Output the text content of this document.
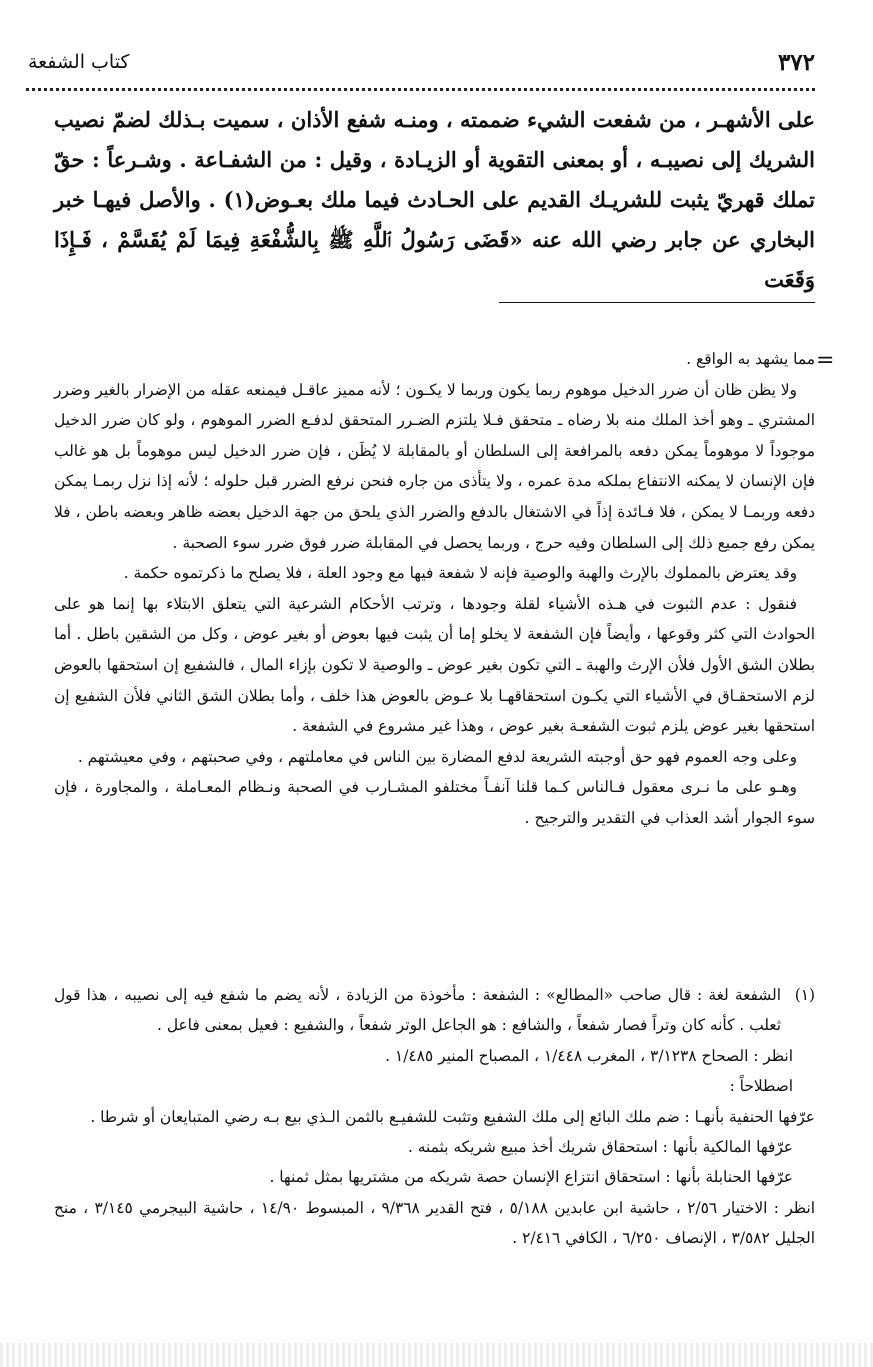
كتاب الشفعة	٣٧٢

على الأشهـر ، من شفعت الشيء ضممته ، ومنـه شفع الأذان ، سميت بـذلك لضمّ نصيب الشريك إلى نصيبـه ، أو بمعنى التقوية أو الزيـادة ، وقيل : من الشفـاعة . وشـرعاً : حقّ تملك قهريّ يثبت للشريـك القديم على الحـادث فيما ملك بعـوض(١) . والأصل فيهـا خبر البخاري عن جابر رضي الله عنه «قَضَى رَسُولُ ٱللَّهِ ﷺ بِالشُّفْعَةِ فِيمَا لَمْ يُقَسَّمْ ، فَـإِذَا وَقَعَت

=

مما يشهد به الواقع .

ولا يظن ظان أن ضرر الدخيل موهوم ربما يكون وربما لا يكـون ؛ لأنه مميز عاقـل فيمنعه عقله من الإضرار بالغير وضرر المشتري ـ وهو أخذ الملك منه بلا رضاه ـ متحقق فـلا يلتزم الضـرر المتحقق لدفـع الضرر الموهوم ، ولو كان ضرر الدخيل موجوداً لا موهوماً يمكن دفعه بالمرافعة إلى السلطان أو بالمقابلة لا يُظَن ، فإن ضرر الدخيل ليس موهوماً بل هو غالب فإن الإنسان لا يمكنه الانتفاع بملكه مدة عمره ، ولا يتأذى من جاره فنحن نرفع الضرر قبل حلوله ؛ لأنه إذا نزل ربمـا يمكن دفعه وربمـا لا يمكن ، فلا فـائدة إذاً في الاشتغال بالدفع والضرر الذي يلحق من جهة الدخيل بعضه ظاهر وبعضه باطن ، فلا يمكن رفع جميع ذلك إلى السلطان وفيه حرج ، وربما يحصل في المقابلة ضرر فوق ضرر سوء الصحبة .

وقد يعترض بالمملوك بالإرث والهبة والوصية فإنه لا شفعة فيها مع وجود العلة ، فلا يصلح ما ذكرتموه حكمة .

فنقول : عدم الثبوت في هـذه الأشياء لقلة وجودها ، وترتب الأحكام الشرعية التي يتعلق الابتلاء بها إنما هو على الحوادث التي كثر وقوعها ، وأيضاً فإن الشفعة لا يخلو إما أن يثبت فيها بعوض أو بغير عوض ، وكل من الشقين باطل . أما بطلان الشق الأول فلأن الإرث والهبة ـ التي تكون بغير عوض ـ والوصية لا تكون بإزاء المال ، فالشفيع إن استحقها بالعوض لزم الاستحقـاق في الأشياء التي يكـون استحقاقهـا بلا عـوض بالعوض هذا خلف ، وأما بطلان الشق الثاني فلأن الشفيع إن استحقها بغير عوض يلزم ثبوت الشفعـة بغير عوض ، وهذا غير مشروع في الشفعة .

وعلى وجه العموم فهو حق أوجبته الشريعة لدفع المضارة بين الناس في معاملتهم ، وفي صحبتهم ، وفي معيشتهم .

وهـو على ما نـرى معقول فـالناس كـما قلنا آنفـاً مختلفو المشـارب في الصحبة ونـظام المعـاملة ، والمجاورة ، فإن سوء الجوار أشد العذاب في التقدير والترجيح .

(١)

الشفعة لغة : قال صاحب «المطالع» : الشفعة : مأخوذة من الزيادة ، لأنه يضم ما شفع فيه إلى نصيبه ، هذا قول ثعلب . كأنه كان وتراً فصار شفعاً ، والشافع : هو الجاعل الوتر شفعاً ، والشفيع : فعيل بمعنى فاعل .

انظر : الصحاح ٣/١٢٣٨ ، المغرب ١/٤٤٨ ، المصباح المنير ١/٤٨٥ .

اصطلاحاً :

عرّفها الحنفية بأنهـا : ضم ملك البائع إلى ملك الشفيع وتثبت للشفيـع بالثمن الـذي بيع بـه رضي المتبايعان أو شرطا .

عرّفها المالكية بأنها : استحقاق شريك أخذ مبيع شريكه بثمنه .

عرّفها الحنابلة بأنها : استحقاق انتزاع الإنسان حصة شريكه من مشتريها بمثل ثمنها .

انظر : الاختيار ٢/٥٦ ، حاشية ابن عابدين ٥/١٨٨ ، فتح القدير ٩/٣٦٨ ، المبسوط ١٤/٩٠ ، حاشية البيجرمي ٣/١٤٥ ، منح الجليل ٣/٥٨٢ ، الإنصاف ٦/٢٥٠ ، الكافي ٢/٤١٦ .
